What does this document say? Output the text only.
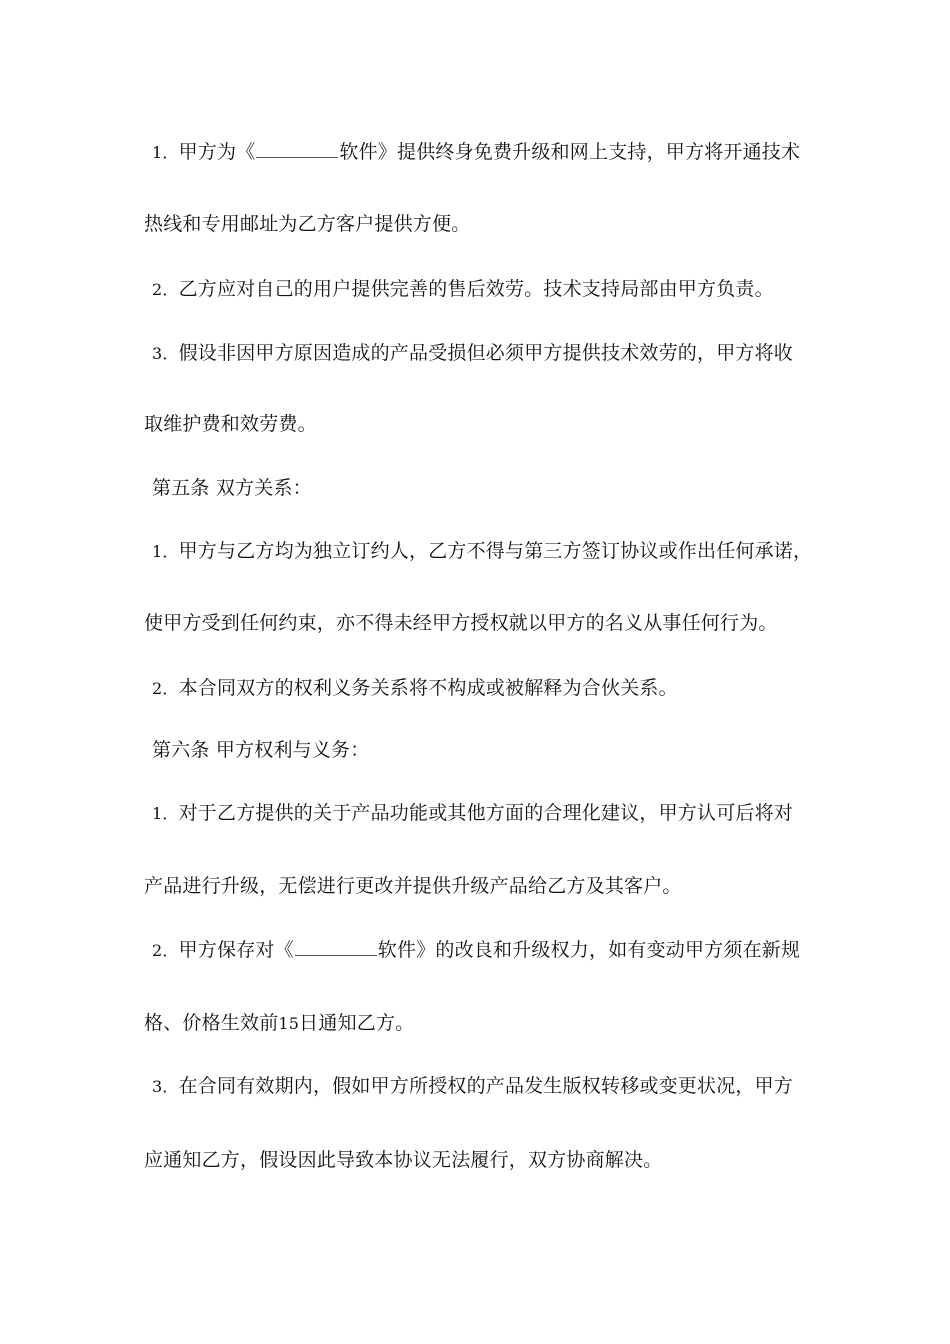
1．甲方为《	软件》提供终身免费升级和网上支持，甲方将开通技术
热线和专用邮址为乙方客户提供方便。
2．乙方应对自己的用户提供完善的售后效劳。技术支持局部由甲方负责。
3．假设非因甲方原因造成的产品受损但必须甲方提供技术效劳的，甲方将收
取维护费和效劳费。
第五条 双方关系：
1．甲方与乙方均为独立订约人，乙方不得与第三方签订协议或作出任何承诺，
使甲方受到任何约束，亦不得未经甲方授权就以甲方的名义从事任何行为。
2．本合同双方的权利义务关系将不构成或被解释为合伙关系。
第六条 甲方权利与义务：
1．对于乙方提供的关于产品功能或其他方面的合理化建议，甲方认可后将对
产品进行升级，无偿进行更改并提供升级产品给乙方及其客户。
2．甲方保存对《	软件》的改良和升级权力，如有变动甲方须在新规
格、价格生效前15日通知乙方。
3．在合同有效期内，假如甲方所授权的产品发生版权转移或变更状况，甲方
应通知乙方，假设因此导致本协议无法履行，双方协商解决。
